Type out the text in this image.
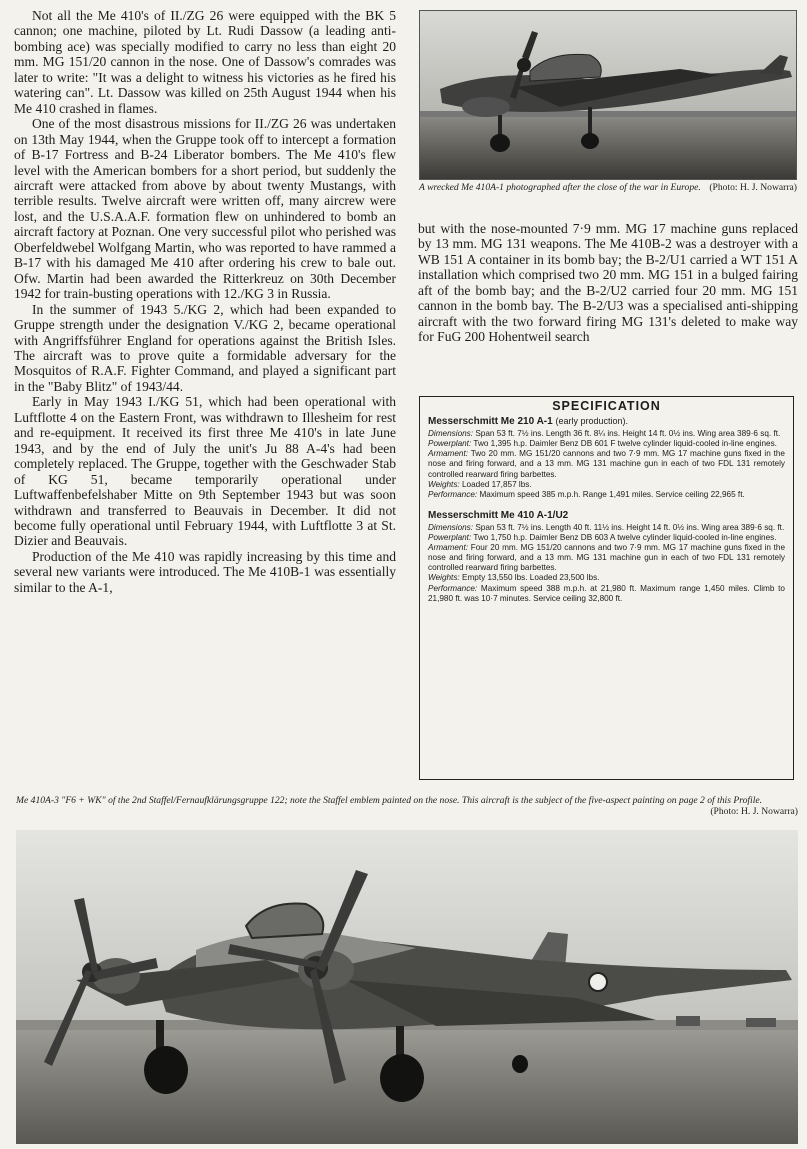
Not all the Me 410's of II./ZG 26 were equipped with the BK 5 cannon; one machine, piloted by Lt. Rudi Dassow (a leading anti-bombing ace) was specially modified to carry no less than eight 20 mm. MG 151/20 cannon in the nose. One of Dassow's comrades was later to write: "It was a delight to witness his victories as he fired his watering can". Lt. Dassow was killed on 25th August 1944 when his Me 410 crashed in flames.

One of the most disastrous missions for II./ZG 26 was undertaken on 13th May 1944, when the Gruppe took off to intercept a formation of B-17 Fortress and B-24 Liberator bombers. The Me 410's flew level with the American bombers for a short period, but suddenly the aircraft were attacked from above by about twenty Mustangs, with terrible results. Twelve aircraft were written off, many aircrew were lost, and the U.S.A.A.F. formation flew on unhindered to bomb an aircraft factory at Poznan. One very successful pilot who perished was Oberfeldwebel Wolfgang Martin, who was reported to have rammed a B-17 with his damaged Me 410 after ordering his crew to bale out. Ofw. Martin had been awarded the Ritterkreuz on 30th December 1942 for train-busting operations with 12./KG 3 in Russia.

In the summer of 1943 5./KG 2, which had been expanded to Gruppe strength under the designation V./KG 2, became operational with Angriffsführer England for operations against the British Isles. The aircraft was to prove quite a formidable adversary for the Mosquitos of R.A.F. Fighter Command, and played a significant part in the "Baby Blitz" of 1943/44.

Early in May 1943 I./KG 51, which had been operational with Luftflotte 4 on the Eastern Front, was withdrawn to Illesheim for rest and re-equipment. It received its first three Me 410's in late June 1943, and by the end of July the unit's Ju 88 A-4's had been completely replaced. The Gruppe, together with the Geschwader Stab of KG 51, became temporarily operational under Luftwaffenbefelshaber Mitte on 9th September 1943 but was soon withdrawn and transferred to Beauvais in December. It did not become fully operational until February 1944, with Luftflotte 3 at St. Dizier and Beauvais.

Production of the Me 410 was rapidly increasing by this time and several new variants were introduced. The Me 410B-1 was essentially similar to the A-1,

A wrecked Me 410A-1 photographed after the close of the war in Europe. (Photo: H. J. Nowarra)

but with the nose-mounted 7·9 mm. MG 17 machine guns replaced by 13 mm. MG 131 weapons. The Me 410B-2 was a destroyer with a WB 151 A container in its bomb bay; the B-2/U1 carried a WT 151 A installation which comprised two 20 mm. MG 151 in a bulged fairing aft of the bomb bay; and the B-2/U2 carried four 20 mm. MG 151 cannon in the bomb bay. The B-2/U3 was a specialised anti-shipping aircraft with the two forward firing MG 131's deleted to make way for FuG 200 Hohentweil search

SPECIFICATION
Messerschmitt Me 210 A-1 (early production).

Dimensions: Span 53 ft. 7½ ins. Length 36 ft. 8¼ ins. Height 14 ft. 0½ ins. Wing area 389·6 sq. ft.

Powerplant: Two 1,395 h.p. Daimler Benz DB 601 F twelve cylinder liquid-cooled in-line engines.

Armament: Two 20 mm. MG 151/20 cannons and two 7·9 mm. MG 17 machine guns fixed in the nose and firing forward, and a 13 mm. MG 131 machine gun in each of two FDL 131 remotely controlled rearward firing barbettes.

Weights: Loaded 17,857 lbs.

Performance: Maximum speed 385 m.p.h. Range 1,491 miles. Service ceiling 22,965 ft.

Messerschmitt Me 410 A-1/U2

Dimensions: Span 53 ft. 7½ ins. Length 40 ft. 11½ ins. Height 14 ft. 0½ ins. Wing area 389·6 sq. ft.

Powerplant: Two 1,750 h.p. Daimler Benz DB 603 A twelve cylinder liquid-cooled in-line engines.

Armament: Four 20 mm. MG 151/20 cannons and two 7·9 mm. MG 17 machine guns fixed in the nose and firing forward, and a 13 mm. MG 131 machine gun in each of two FDL 131 remotely controlled rearward firing barbettes.

Weights: Empty 13,550 lbs. Loaded 23,500 lbs.

Performance: Maximum speed 388 m.p.h. at 21,980 ft. Maximum range 1,450 miles. Climb to 21,980 ft. was 10·7 minutes. Service ceiling 32,800 ft.

Me 410A-3 "F6 + WK" of the 2nd Staffel/Fernaufklärungsgruppe 122; note the Staffel emblem painted on the nose. This aircraft is the subject of the five-aspect painting on page 2 of this Profile.
(Photo: H. J. Nowarra)
